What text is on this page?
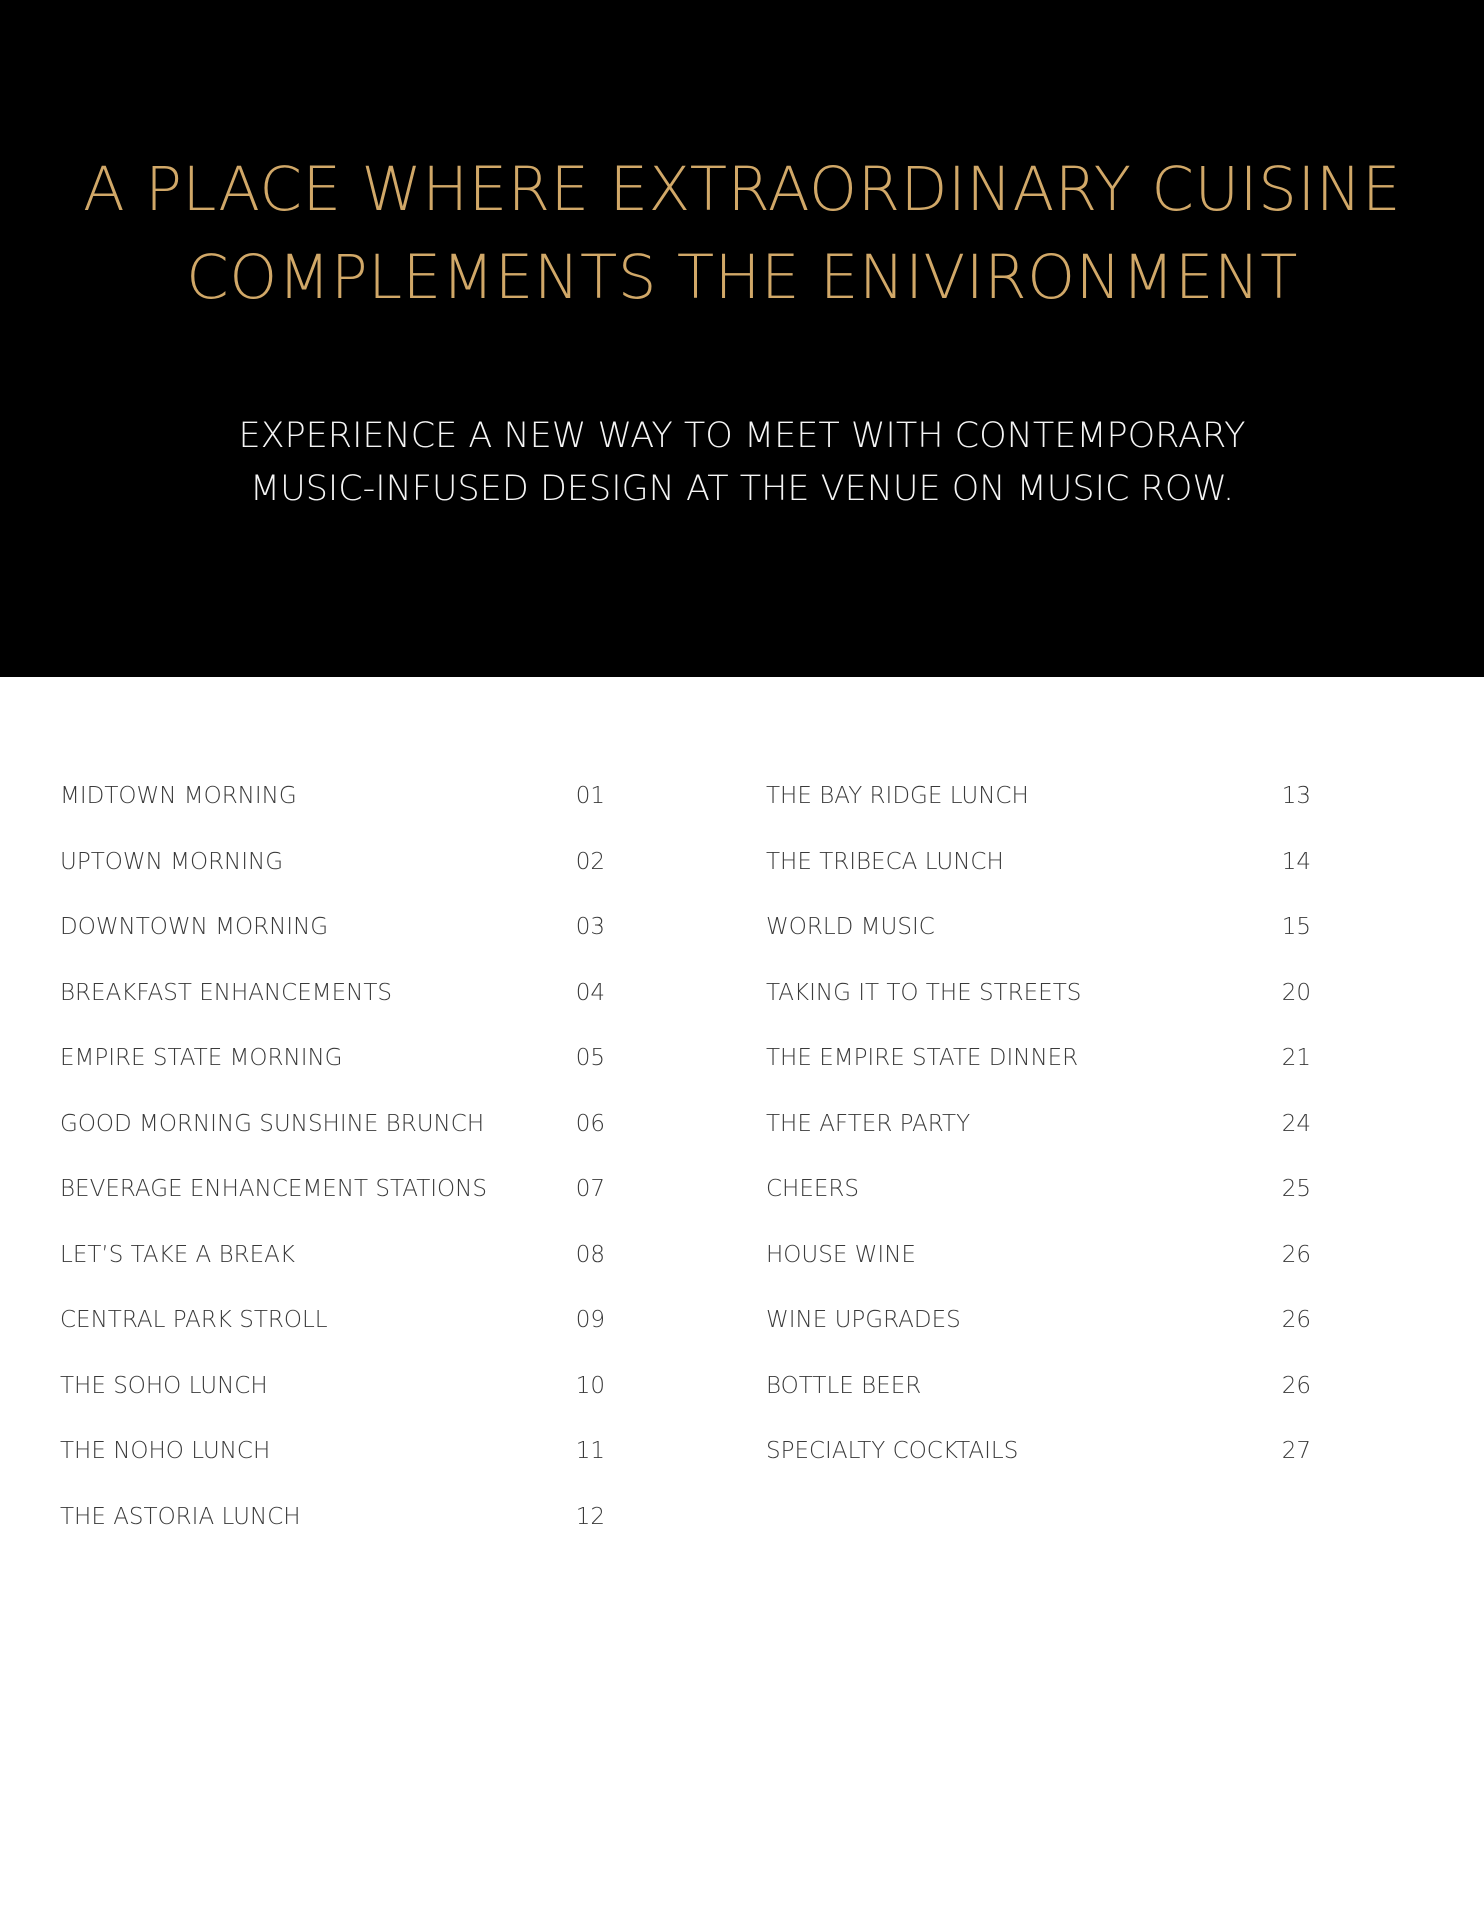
A PLACE WHERE EXTRAORDINARY CUISINE
COMPLEMENTS THE ENIVIRONMENT

EXPERIENCE A NEW WAY TO MEET WITH CONTEMPORARY
MUSIC-INFUSED DESIGN AT THE VENUE ON MUSIC ROW.

MIDTOWN MORNING	01
UPTOWN MORNING	02
DOWNTOWN MORNING	03
BREAKFAST ENHANCEMENTS	04
EMPIRE STATE MORNING	05
GOOD MORNING SUNSHINE BRUNCH	06
BEVERAGE ENHANCEMENT STATIONS	07
LET’S TAKE A BREAK	08
CENTRAL PARK STROLL	09
THE SOHO LUNCH	10
THE NOHO LUNCH	11
THE ASTORIA LUNCH	12
THE BAY RIDGE LUNCH	13
THE TRIBECA LUNCH	14
WORLD MUSIC	15
TAKING IT TO THE STREETS	20
THE EMPIRE STATE DINNER	21
THE AFTER PARTY	24
CHEERS	25
HOUSE WINE	26
WINE UPGRADES	26
BOTTLE BEER	26
SPECIALTY COCKTAILS	27
